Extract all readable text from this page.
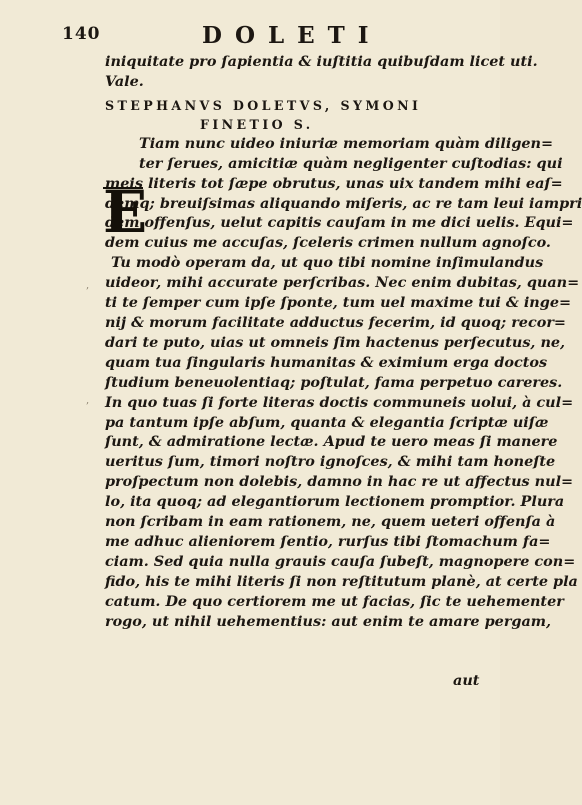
140	DOLETI
iniquitate pro ſapientia & iuſtitia quibuſdam licet uti.
Vale.
STEPHANVS DOLETVS, SYMONI
FINETIO S.
E
Tiam nunc uideo iniuriæ memoriam quàm diligen=
ter ſerues, amicitiæ quàm negligenter cuſtodias: qui
meis literis tot ſæpe obrutus, unas uix tandem mihi eaſ=
demq; breuiſsimas aliquando miſeris, ac re tam leui iampri
dem offenſus, uelut capitis cauſam in me dici uelis. Equi=
dem cuius me accuſas, ſceleris crimen nullum agnoſco.
Tu modò operam da, ut quo tibi nomine inſimulandus
uideor, mihi accurate perſcribas. Nec enim dubitas, quan=
ti te ſemper cum ipſe ſponte, tum uel maxime tui & inge=
nij & morum facilitate adductus fecerim, id quoq; recor=
dari te puto, uias ut omneis ſim hactenus perſecutus, ne,
quam tua ſingularis humanitas & eximium erga doctos
ſtudium beneuolentiaq; poſtulat, fama perpetuo careres.
In quo tuas ſi forte literas doctis communeis uolui, à cul=
pa tantum ipſe abſum, quanta & elegantia ſcriptæ uiſæ
ſunt, & admiratione lectæ. Apud te uero meas ſi manere
ueritus ſum, timori noſtro ignoſces, & mihi tam honeſte
proſpectum non dolebis, damno in hac re ut affectus nul=
lo, ita quoq; ad elegantiorum lectionem promptior. Plura
non ſcribam in eam rationem, ne, quem ueteri offenſa à
me adhuc alieniorem ſentio, rurſus tibi ſtomachum fa=
ciam. Sed quia nulla grauis cauſa ſubeſt, magnopere con=
fido, his te mihi literis ſi non reſtitutum planè, at certe pla
catum. De quo certiorem me ut facias, ſic te uehementer
rogo, ut nihil uehementius: aut enim te amare pergam,
aut
,
,
